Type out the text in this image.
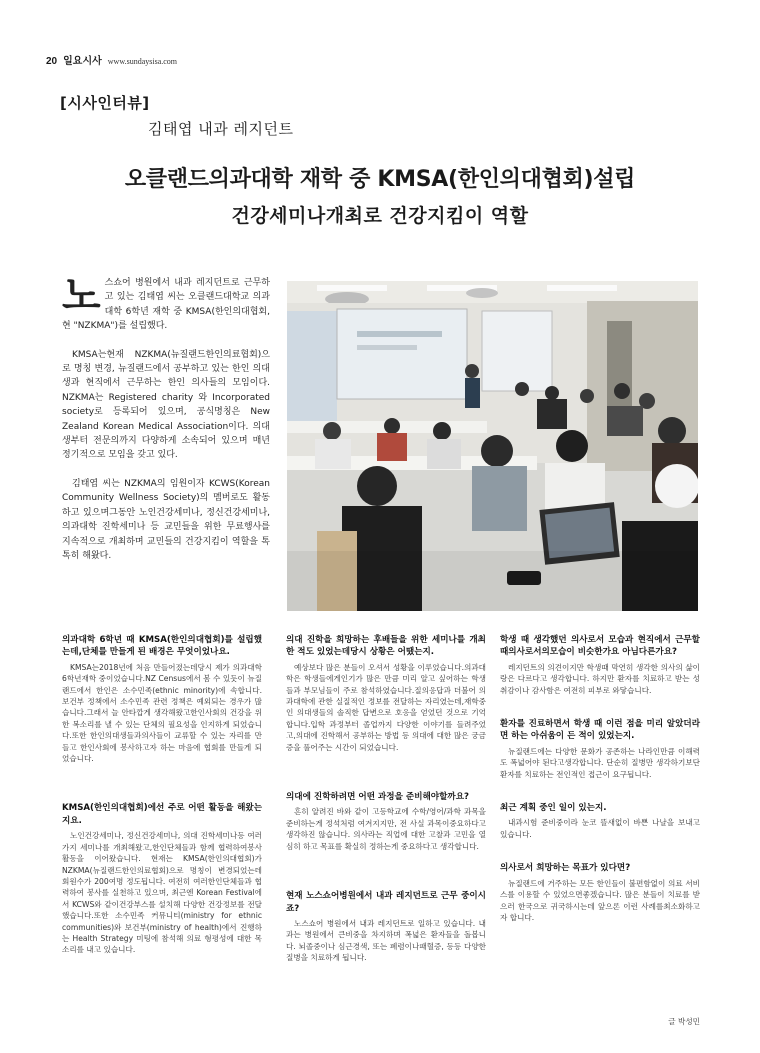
20 일요시사 www.sundaysisa.com
[시사인터뷰]
김태엽 내과 레지던트
오클랜드의과대학 재학 중 KMSA(한인의대협회)설립
건강세미나개최로 건강지킴이 역할

노스쇼어 병원에서 내과 레지던트로 근무하고 있는 김태엽 씨는 오클랜드대학교 의과대학 6학년 재학 중 KMSA(한인의대협회, 현 "NZKMA")를 설립했다.

KMSA는현재 NZKMA(뉴질랜드한인의료협회)으로 명칭 변경, 뉴질랜드에서 공부하고 있는 한인 의대생과 현직에서 근무하는 한인 의사들의 모임이다. NZKMA는 Registered charity 와 Incorporated society로 등록되어 있으며, 공식명칭은 New Zealand Korean Medical Association이다. 의대생부터 전문의까지 다양하게 소속되어 있으며 매년 정기적으로 모임을 갖고 있다.

김태엽 씨는 NZKMA의 임원이자 KCWS(Korean Community Wellness Society)의 멤버로도 활동하고 있으며그동안 노인건강세미나, 정신건강세미나, 의과대학 진학세미나 등 교민들을 위한 무료행사를 지속적으로 개최하며 교민들의 건강지킴이 역할을 톡톡히 해왔다.

의과대학 6학년 때 KMSA(한인의대협회)를 설립했는데,단체를 만들게 된 배경은 무엇이었나요.
KMSA는2018년에 처음 만들어졌는데당시 제가 의과대학 6학년재학 중이었습니다.NZ Census에서 봄 수 있듯이 뉴질랜드에서 한인은 소수민족(ethnic minority)에 속합니다. 보건부 정책에서 소수민족 관련 정책은 예외되는 경우가 많습니다.그래서 늘 안타깝게 생각해왔고한인사회의 건강을 위한 복소리를 낼 수 있는 단체의 필요성을 인지하게 되었습니다.또한 한인의대생들과의사들이 교류할 수 있는 자리를 만들고 한인사회에 봉사하고자 하는 마음에 협회를 만들게 되었습니다.
KMSA(한인의대협회)에선 주로 어떤 활동을 해왔는지요.
노인건강세미나, 정신건강세미나, 의대 진학세미나등 여러가지 세미나를 개최해왔고,한인단체들과 함께 협력하여봉사 활동을 이어왔습니다. 현재는 KMSA(한인의대협회)가 NZKMA(뉴질랜드한인의료협회)으로 명칭이 변경되었는데 회원수가 200여명 정도됩니다. 여전히 여러한인단체들과 협력하여 봉사를 실천하고 있으며, 최근엔 Korean Festival에서 KCWS와 같이건강부스를 설치해 다양한 건강정보를 전달했습니다.또한 소수민족 커뮤니티(ministry for ethnic communities)와 보건부(ministry of health)에서 진행하는 Health Strategy 미팅에 참석해 의료 형평성에 대한 목소리를 내고 있습니다.
의대 진학을 희망하는 후배들을 위한 세미나를 개최한 적도 있었는데당시 상황은 어땠는지.
예상보다 많은 분들이 오셔서 성황을 이루었습니다.의과대학은 학생들에게인기가 많은 만큼 미리 알고 싶어하는 학생들과 부모님들이 주로 참석하였습니다.질의응답과 더불어 의과대학에 관한 실질적인 정보를 전달하는 자리였는데,재학중인 의대생들의 솔직한 답변으로 호응을 얻었던 것으로 기억합니다.입학 과정부터 졸업까지 다양한 이야기를 들려주었고,의대에 진학해서 공부하는 방법 등 의대에 대한 많은 궁금증을 풀어주는 시간이 되었습니다.
의대에 진학하려면 어떤 과정을 준비해야할까요?
흔히 알려진 바와 같이 고등학교에 수학/영어/과학 과목을 준비하는게 정석처럼 여겨지지만, 전 사실 과목이중요하다고 생각하진 않습니다. 의사라는 직업에 대한 고찰과 고민을 열심히 하고 목표를 확실히 정하는게 중요하다고 생각합니다.
현재 노스쇼어병원에서 내과 레지던트로 근무 중이시죠?
노스쇼어 병원에서 내과 레지던트로 일하고 있습니다. 내과는 병원에서 큰비중을 차지하며 폭넓은 환자들을 돌봅니다. 뇌졸중이나 심근경색, 또는 폐렴이나패혈증, 등등 다양한 질병을 치료하게 됩니다.
학생 때 생각했던 의사로서 모습과 현직에서 근무할 때의사로서의모습이 비슷한가요 아님다른가요?
레지던트의 의견이지만 학생때 막연히 생각한 의사의 삶이랑은 다르다고 생각합니다. 하지만 환자를 치료하고 받는 성취감이나 감사함은 여전히 피부로 와닿습니다.
환자를 진료하면서 학생 때 이런 점을 미리 알았더라면 하는 아쉬움이 든 적이 있었는지.
뉴질랜드에는 다양한 문화가 공존하는 나라인만큼 이해력도 폭넓어야 된다고생각합니다. 단순히 질병만 생각하기보단 환자를 치료하는 전인적인 접근이 요구됩니다.
최근 계획 중인 일이 있는지.
내과시험 준비중이라 눈코 뜰새없이 바쁜 나날을 보내고 있습니다.
의사로서 희망하는 목표가 있다면?
뉴질랜드에 거주하는 모든 한인들이 불편함없이 의료 서비스를 이용할 수 있었으면좋겠습니다. 많은 분들이 치료를 받으러 한국으로 귀국하시는데 앞으론 이런 사례를최소화하고자 합니다.
글 박성민
